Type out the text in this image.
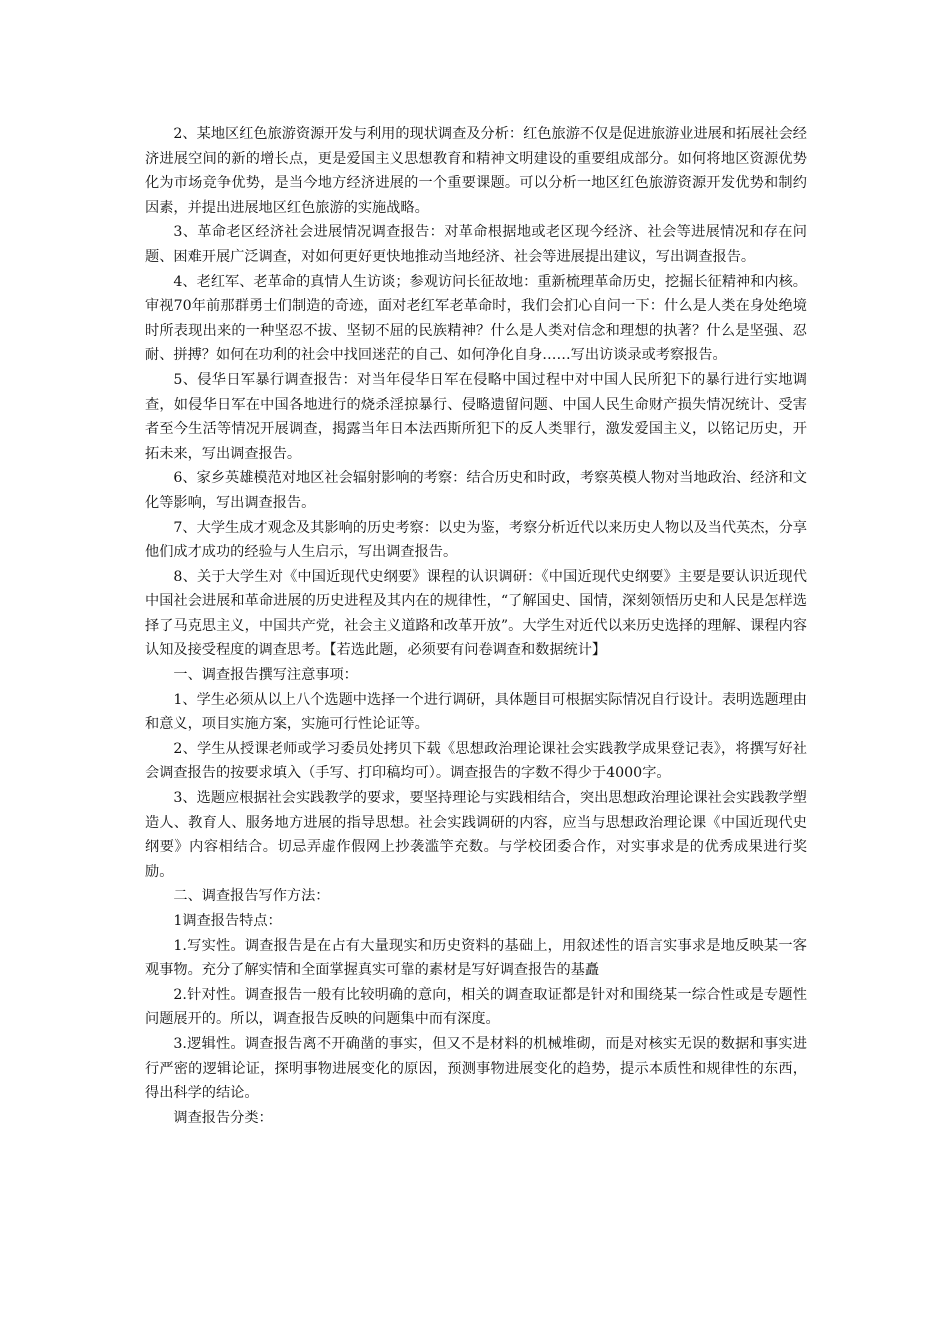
2、某地区红色旅游资源开发与利用的现状调查及分析：红色旅游不仅是促进旅游业进展和拓展社会经济进展空间的新的增长点，更是爱国主义思想教育和精神文明建设的重要组成部分。如何将地区资源优势化为市场竞争优势，是当今地方经济进展的一个重要课题。可以分析一地区红色旅游资源开发优势和制约因素，并提出进展地区红色旅游的实施战略。

3、革命老区经济社会进展情况调查报告：对革命根据地或老区现今经济、社会等进展情况和存在问题、困难开展广泛调查，对如何更好更快地推动当地经济、社会等进展提出建议，写出调查报告。

4、老红军、老革命的真情人生访谈；参观访问长征故地：重新梳理革命历史，挖掘长征精神和内核。审视70年前那群勇士们制造的奇迹，面对老红军老革命时，我们会扪心自问一下：什么是人类在身处绝境时所表现出来的一种坚忍不拔、坚韧不屈的民族精神？什么是人类对信念和理想的执著？什么是坚强、忍耐、拼搏？如何在功利的社会中找回迷茫的自己、如何净化自身……写出访谈录或考察报告。

5、侵华日军暴行调查报告：对当年侵华日军在侵略中国过程中对中国人民所犯下的暴行进行实地调查，如侵华日军在中国各地进行的烧杀淫掠暴行、侵略遗留问题、中国人民生命财产损失情况统计、受害者至今生活等情况开展调查，揭露当年日本法西斯所犯下的反人类罪行，激发爱国主义，以铭记历史，开拓未来，写出调查报告。

6、家乡英雄模范对地区社会辐射影响的考察：结合历史和时政，考察英模人物对当地政治、经济和文化等影响，写出调查报告。

7、大学生成才观念及其影响的历史考察：以史为鉴，考察分析近代以来历史人物以及当代英杰，分享他们成才成功的经验与人生启示，写出调查报告。

8、关于大学生对《中国近现代史纲要》课程的认识调研：《中国近现代史纲要》主要是要认识近现代中国社会进展和革命进展的历史进程及其内在的规律性，“了解国史、国情，深刻领悟历史和人民是怎样选择了马克思主义，中国共产党，社会主义道路和改革开放”。大学生对近代以来历史选择的理解、课程内容认知及接受程度的调查思考。【若选此题，必须要有问卷调查和数据统计】

一、调查报告撰写注意事项：

1、学生必须从以上八个选题中选择一个进行调研，具体题目可根据实际情况自行设计。表明选题理由和意义，项目实施方案，实施可行性论证等。

2、学生从授课老师或学习委员处拷贝下载《思想政治理论课社会实践教学成果登记表》，将撰写好社会调查报告的按要求填入（手写、打印稿均可）。调查报告的字数不得少于4000字。

3、选题应根据社会实践教学的要求，要坚持理论与实践相结合，突出思想政治理论课社会实践教学塑造人、教育人、服务地方进展的指导思想。社会实践调研的内容，应当与思想政治理论课《中国近现代史纲要》内容相结合。切忌弄虚作假网上抄袭滥竽充数。与学校团委合作，对实事求是的优秀成果进行奖励。

二、调查报告写作方法：

1调查报告特点：

1.写实性。调查报告是在占有大量现实和历史资料的基础上，用叙述性的语言实事求是地反映某一客观事物。充分了解实情和全面掌握真实可靠的素材是写好调查报告的基矗

2.针对性。调查报告一般有比较明确的意向，相关的调查取证都是针对和围绕某一综合性或是专题性问题展开的。所以，调查报告反映的问题集中而有深度。

3.逻辑性。调查报告离不开确凿的事实，但又不是材料的机械堆砌，而是对核实无误的数据和事实进行严密的逻辑论证，探明事物进展变化的原因，预测事物进展变化的趋势，提示本质性和规律性的东西，得出科学的结论。

调查报告分类：
